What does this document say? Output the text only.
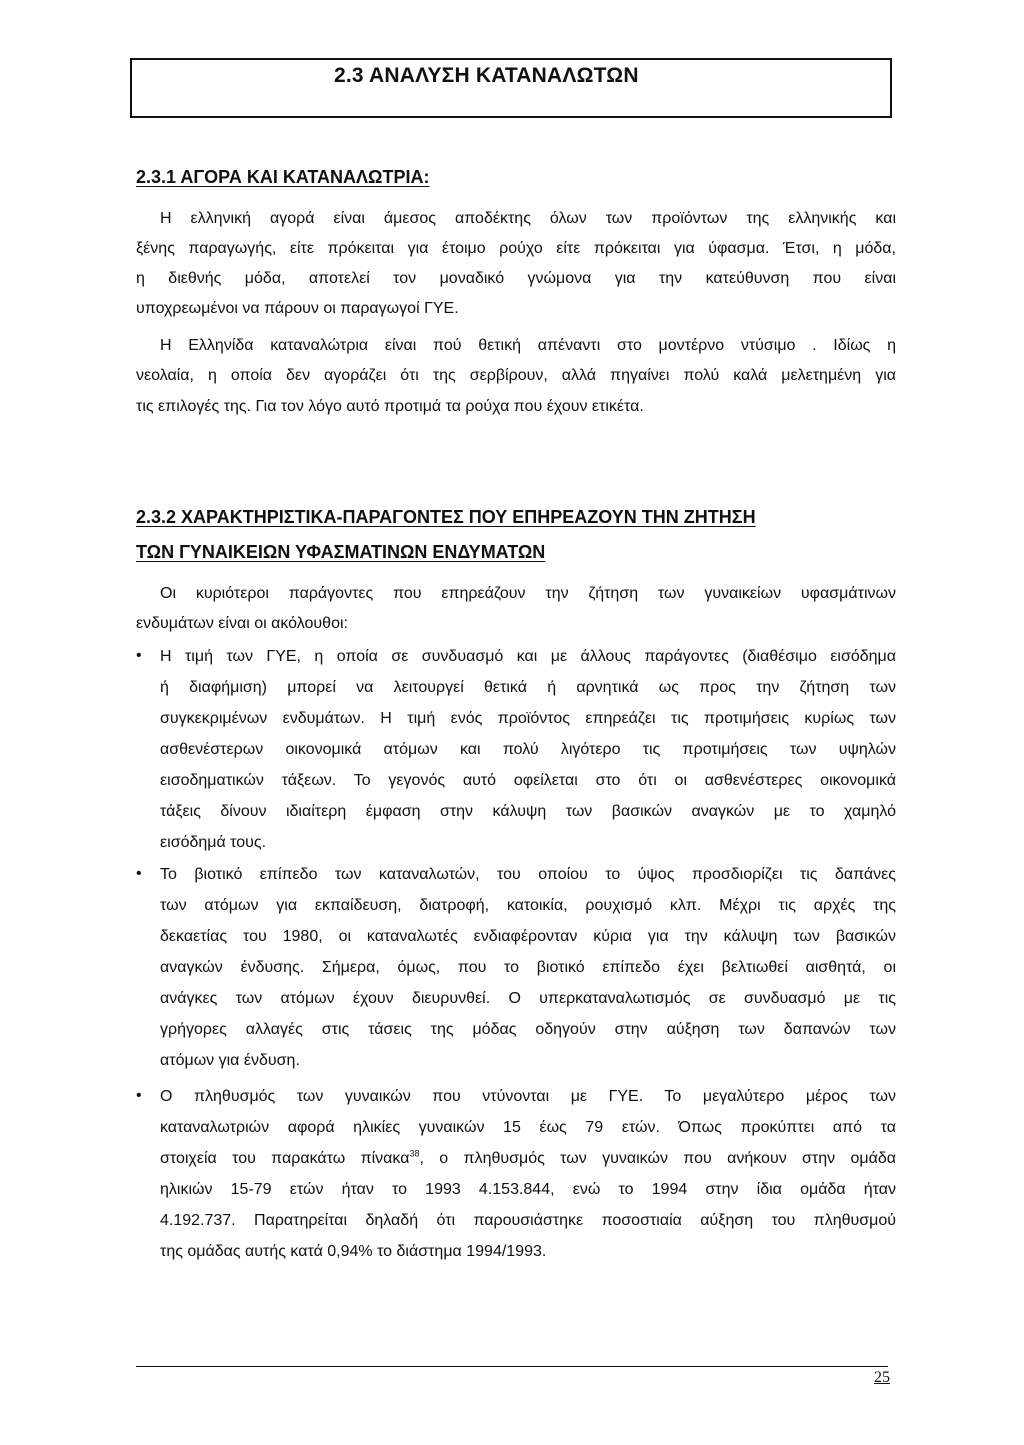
2.3 ΑΝΑΛΥΣΗ ΚΑΤΑΝΑΛΩΤΩΝ
2.3.1 ΑΓΟΡΑ ΚΑΙ ΚΑΤΑΝΑΛΩΤΡΙΑ:
Η ελληνική αγορά είναι άμεσος αποδέκτης όλων των προϊόντων της ελληνικής και
ξένης παραγωγής, είτε πρόκειται για έτοιμο ρούχο είτε πρόκειται για ύφασμα. Έτσι, η μόδα,
η διεθνής μόδα, αποτελεί τον μοναδικό γνώμονα για την κατεύθυνση που είναι
υποχρεωμένοι να πάρουν οι παραγωγοί ΓΥΕ.
Η Ελληνίδα καταναλώτρια είναι πού θετική απέναντι στο μοντέρνο ντύσιμο . Ιδίως η
νεολαία, η οποία δεν αγοράζει ότι της σερβίρουν, αλλά πηγαίνει πολύ καλά μελετημένη για
τις επιλογές της. Για τον λόγο αυτό προτιμά τα ρούχα που έχουν ετικέτα.
2.3.2 ΧΑΡΑΚΤΗΡΙΣΤΙΚΑ-ΠΑΡΑΓΟΝΤΕΣ ΠΟΥ ΕΠΗΡΕΑΖΟΥΝ ΤΗΝ ΖΗΤΗΣΗ
ΤΩΝ ΓΥΝΑΙΚΕΙΩΝ ΥΦΑΣΜΑΤΙΝΩΝ ΕΝΔΥΜΑΤΩΝ
Οι κυριότεροι παράγοντες που επηρεάζουν την ζήτηση των γυναικείων υφασμάτινων
ενδυμάτων είναι οι ακόλουθοι:
• Η τιμή των ΓΥΕ, η οποία σε συνδυασμό και με άλλους παράγοντες (διαθέσιμο εισόδημα
ή διαφήμιση) μπορεί να λειτουργεί θετικά ή αρνητικά ως προς την ζήτηση των
συγκεκριμένων ενδυμάτων. Η τιμή ενός προϊόντος επηρεάζει τις προτιμήσεις κυρίως των
ασθενέστερων οικονομικά ατόμων και πολύ λιγότερο τις προτιμήσεις των υψηλών
εισοδηματικών τάξεων. Το γεγονός αυτό οφείλεται στο ότι οι ασθενέστερες οικονομικά
τάξεις δίνουν ιδιαίτερη έμφαση στην κάλυψη των βασικών αναγκών με το χαμηλό
εισόδημά τους.
• Το βιοτικό επίπεδο των καταναλωτών, του οποίου το ύψος προσδιορίζει τις δαπάνες
των ατόμων για εκπαίδευση, διατροφή, κατοικία, ρουχισμό κλπ. Μέχρι τις αρχές της
δεκαετίας του 1980, οι καταναλωτές ενδιαφέρονταν κύρια για την κάλυψη των βασικών
αναγκών ένδυσης. Σήμερα, όμως, που το βιοτικό επίπεδο έχει βελτιωθεί αισθητά, οι
ανάγκες των ατόμων έχουν διευρυνθεί. Ο υπερκαταναλωτισμός σε συνδυασμό με τις
γρήγορες αλλαγές στις τάσεις της μόδας οδηγούν στην αύξηση των δαπανών των
ατόμων για ένδυση.
• Ο πληθυσμός των γυναικών που ντύνονται με ΓΥΕ. Το μεγαλύτερο μέρος των
καταναλωτριών αφορά ηλικίες γυναικών 15 έως 79 ετών. Όπως προκύπτει από τα
στοιχεία του παρακάτω πίνακα$^{38}$, ο πληθυσμός των γυναικών που ανήκουν στην ομάδα
ηλικιών 15-79 ετών ήταν το 1993 4.153.844, ενώ το 1994 στην ίδια ομάδα ήταν
4.192.737. Παρατηρείται δηλαδή ότι παρουσιάστηκε ποσοστιαία αύξηση του πληθυσμού
της ομάδας αυτής κατά 0,94% το διάστημα 1994/1993.
25
